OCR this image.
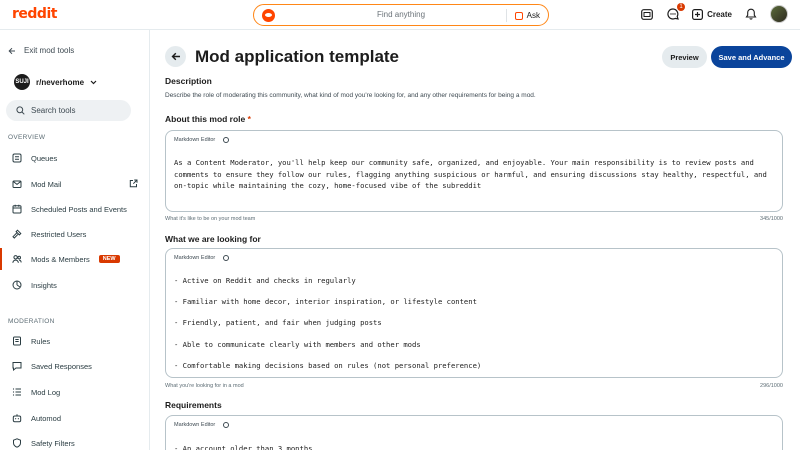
reddit	Find anything	Ask
1
Create
Exit mod tools
SUJI r/neverhome
Search tools
OVERVIEW
Queues
Mod Mail
Scheduled Posts and Events
Restricted Users
Mods & Members	NEW
Insights
MODERATION
Rules
Saved Responses
Mod Log
Automod
Safety Filters
Mod application template	Preview	Save and Advance
Description
Describe the role of moderating this community, what kind of mod you're looking for, and any other requirements for being a mod.
About this mod role *
Markdown Editor
As a Content Moderator, you'll help keep our community safe, organized, and enjoyable. Your main responsibility is to review posts and comments to ensure they follow our rules, flagging anything suspicious or harmful, and ensuring discussions stay healthy, respectful, and on-topic while maintaining the cozy, home-focused vibe of the subreddit
What it's like to be on your mod team	345/1000
What we are looking for
Markdown Editor
- Active on Reddit and checks in regularly

- Familiar with home decor, interior inspiration, or lifestyle content

- Friendly, patient, and fair when judging posts

- Able to communicate clearly with members and other mods

- Comfortable making decisions based on rules (not personal preference)
What you're looking for in a mod	296/1000
Requirements
Markdown Editor
- An account older than 3 months
